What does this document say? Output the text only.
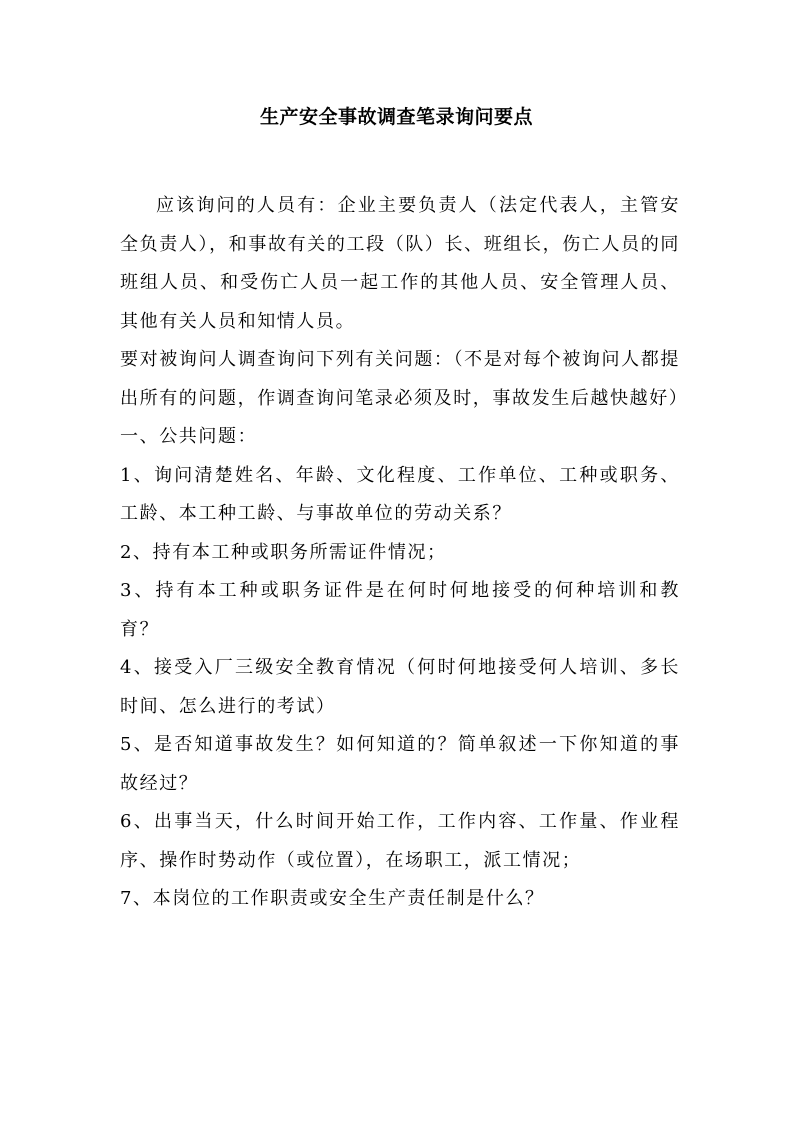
生产安全事故调查笔录询问要点

应该询问的人员有：企业主要负责人（法定代表人，主管安全负责人），和事故有关的工段（队）长、班组长，伤亡人员的同班组人员、和受伤亡人员一起工作的其他人员、安全管理人员、其他有关人员和知情人员。

要对被询问人调查询问下列有关问题：（不是对每个被询问人都提出所有的问题，作调查询问笔录必须及时，事故发生后越快越好）

一、公共问题：

1、询问清楚姓名、年龄、文化程度、工作单位、工种或职务、工龄、本工种工龄、与事故单位的劳动关系？

2、持有本工种或职务所需证件情况；

3、持有本工种或职务证件是在何时何地接受的何种培训和教育？

4、接受入厂三级安全教育情况（何时何地接受何人培训、多长时间、怎么进行的考试）

5、是否知道事故发生？如何知道的？简单叙述一下你知道的事故经过？

6、出事当天，什么时间开始工作，工作内容、工作量、作业程序、操作时势动作（或位置），在场职工，派工情况；

7、本岗位的工作职责或安全生产责任制是什么？
